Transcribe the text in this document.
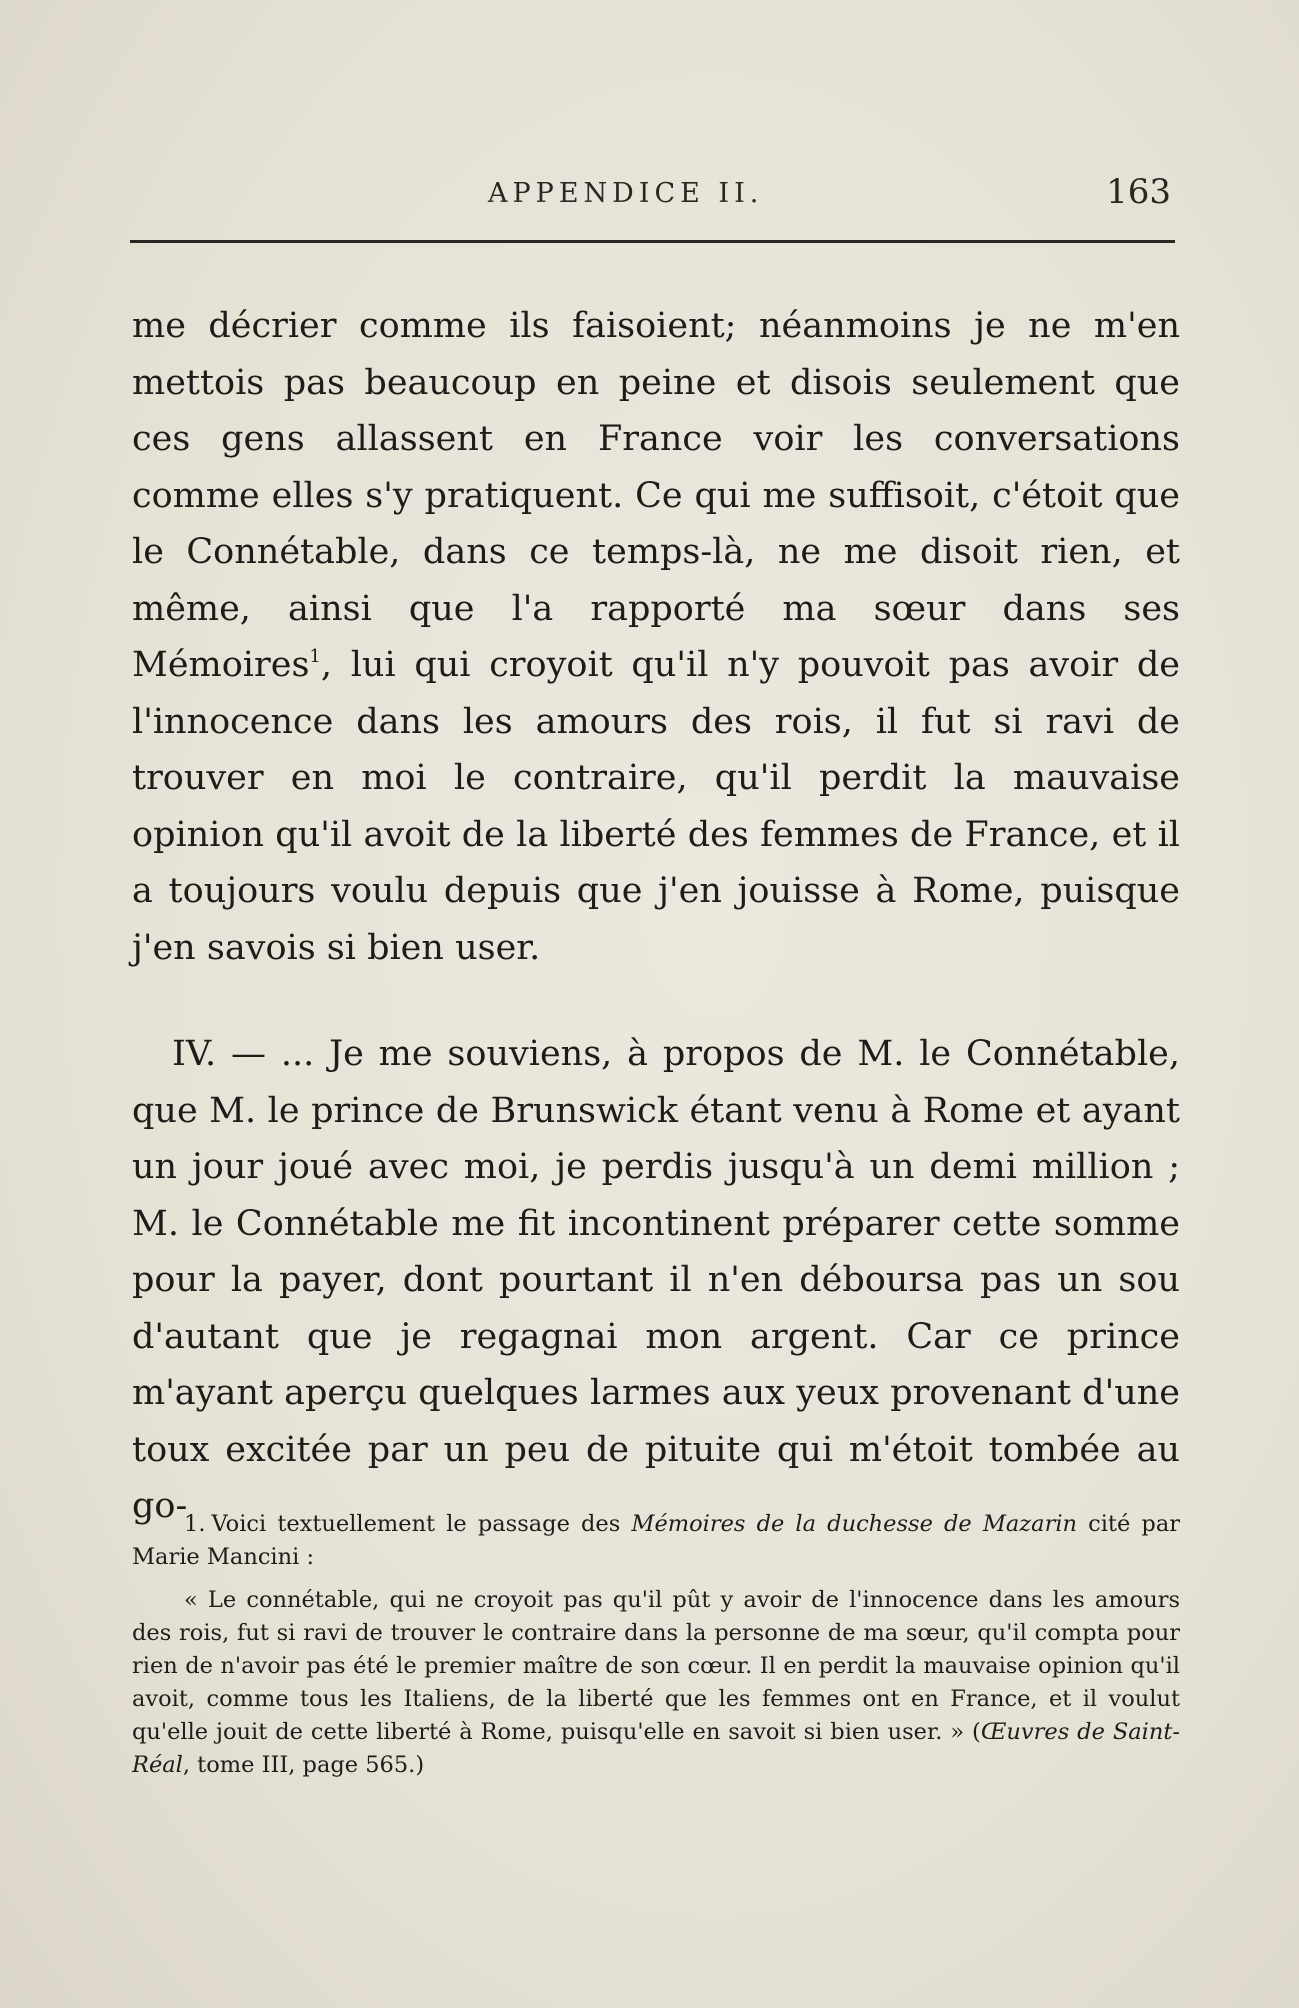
APPENDICE II.	163

me décrier comme ils faisoient; néanmoins je ne m'en mettois pas beaucoup en peine et disois seulement que ces gens allassent en France voir les conversations comme elles s'y pratiquent. Ce qui me suffisoit, c'étoit que le Connétable, dans ce temps-là, ne me disoit rien, et même, ainsi que l'a rapporté ma sœur dans ses Mémoires$^1$, lui qui croyoit qu'il n'y pouvoit pas avoir de l'innocence dans les amours des rois, il fut si ravi de trouver en moi le contraire, qu'il perdit la mauvaise opinion qu'il avoit de la liberté des femmes de France, et il a toujours voulu depuis que j'en jouisse à Rome, puisque j'en savois si bien user.

IV. — ... Je me souviens, à propos de M. le Connétable, que M. le prince de Brunswick étant venu à Rome et ayant un jour joué avec moi, je perdis jusqu'à un demi million ; M. le Connétable me fit incontinent préparer cette somme pour la payer, dont pourtant il n'en déboursa pas un sou d'autant que je regagnai mon argent. Car ce prince m'ayant aperçu quelques larmes aux yeux provenant d'une toux excitée par un peu de pituite qui m'étoit tombée au go-

1. Voici textuellement le passage des Mémoires de la duchesse de Mazarin cité par Marie Mancini :

« Le connétable, qui ne croyoit pas qu'il pût y avoir de l'innocence dans les amours des rois, fut si ravi de trouver le contraire dans la personne de ma sœur, qu'il compta pour rien de n'avoir pas été le premier maître de son cœur. Il en perdit la mauvaise opinion qu'il avoit, comme tous les Italiens, de la liberté que les femmes ont en France, et il voulut qu'elle jouit de cette liberté à Rome, puisqu'elle en savoit si bien user. » (Œuvres de Saint-Réal, tome III, page 565.)
